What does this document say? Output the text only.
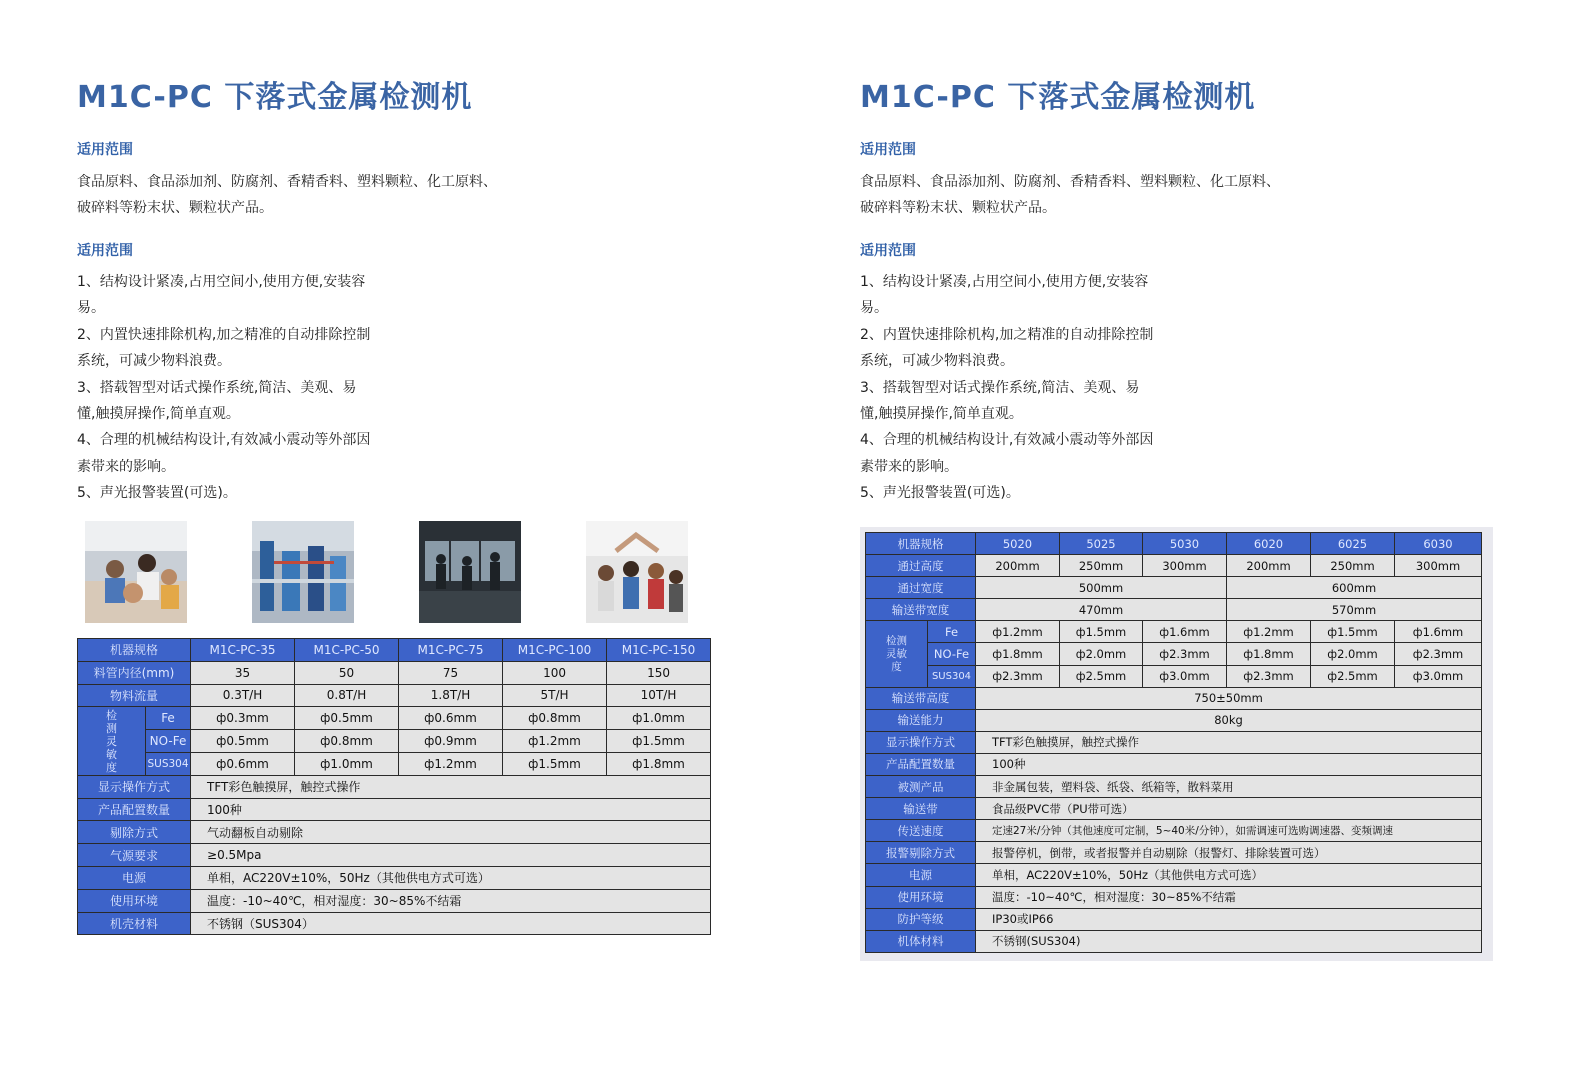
M1C-PC 下落式金属检测机
适用范围
食品原料、食品添加剂、防腐剂、香精香料、塑料颗粒、化工原料、
破碎料等粉末状、颗粒状产品。
适用范围
1、结构设计紧凑,占用空间小,使用方便,安装容
易。
2、内置快速排除机构,加之精准的自动排除控制
系统，可减少物料浪费。
3、搭载智型对话式操作系统,简洁、美观、易
懂,触摸屏操作,简单直观。
4、合理的机械结构设计,有效减小震动等外部因
素带来的影响。
5、声光报警装置(可选)。
机器规格		M1C-PC-35	M1C-PC-50	M1C-PC-75	M1C-PC-100	M1C-PC-150
料管内径(mm)		35	50	75	100	150
物料流量		0.3T/H	0.8T/H	1.8T/H	5T/H	10T/H
检测灵敏度	Fe	ф0.3mm	ф0.5mm	ф0.6mm	ф0.8mm	ф1.0mm
	NO-Fe	ф0.5mm	ф0.8mm	ф0.9mm	ф1.2mm	ф1.5mm
	SUS304	ф0.6mm	ф1.0mm	ф1.2mm	ф1.5mm	ф1.8mm
显示操作方式		TFT彩色触摸屏，触控式操作				
产品配置数量		100种				
剔除方式		气动翻板自动剔除				
气源要求		≥0.5Mpa				
电源		单相，AC220V±10%，50Hz（其他供电方式可选）				
使用环境		温度：-10~40℃，相对湿度：30~85%不结霜				
机壳材料		不锈钢（SUS304）				
M1C-PC 下落式金属检测机
适用范围
食品原料、食品添加剂、防腐剂、香精香料、塑料颗粒、化工原料、
破碎料等粉末状、颗粒状产品。
适用范围
1、结构设计紧凑,占用空间小,使用方便,安装容
易。
2、内置快速排除机构,加之精准的自动排除控制
系统，可减少物料浪费。
3、搭载智型对话式操作系统,简洁、美观、易
懂,触摸屏操作,简单直观。
4、合理的机械结构设计,有效减小震动等外部因
素带来的影响。
5、声光报警装置(可选)。
机器规格		5020	5025	5030	6020	6025	6030
通过高度		200mm	250mm	300mm	200mm	250mm	300mm
通过宽度		500mm			600mm		
输送带宽度		470mm			570mm		
检测灵敏度	Fe	ф1.2mm	ф1.5mm	ф1.6mm	ф1.2mm	ф1.5mm	ф1.6mm
	NO-Fe	ф1.8mm	ф2.0mm	ф2.3mm	ф1.8mm	ф2.0mm	ф2.3mm
	SUS304	ф2.3mm	ф2.5mm	ф3.0mm	ф2.3mm	ф2.5mm	ф3.0mm
输送带高度		750±50mm					
输送能力		80kg					
显示操作方式		TFT彩色触摸屏，触控式操作					
产品配置数量		100种					
被测产品		非金属包装，塑料袋、纸袋、纸箱等，散料菜用					
输送带		食品级PVC带（PU带可选）					
传送速度		定速27米/分钟（其他速度可定制，5~40米/分钟），如需调速可选购调速器、变频调速					
报警剔除方式		报警停机，倒带，或者报警并自动剔除（报警灯、排除装置可选）					
电源		单相，AC220V±10%，50Hz（其他供电方式可选）					
使用环境		温度：-10~40℃，相对湿度：30~85%不结霜					
防护等级		IP30或IP66					
机体材料		不锈钢(SUS304)					
